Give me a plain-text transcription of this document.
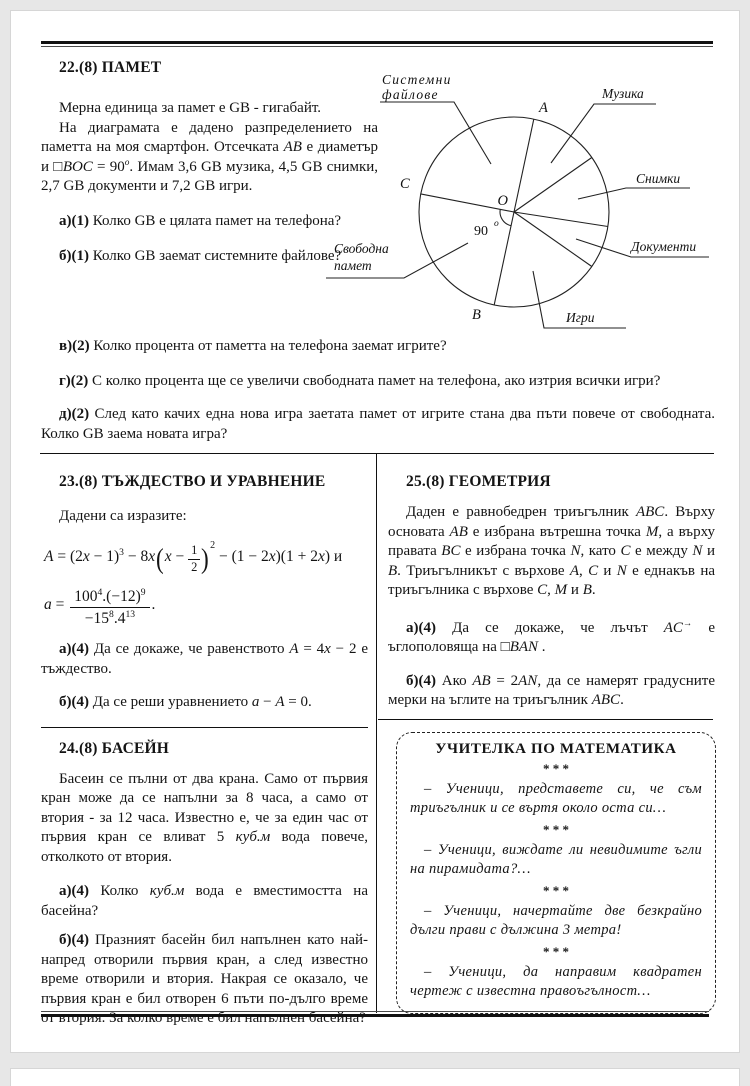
22.(8) ПАМЕТ

Мерна единица за памет е GB - гигабайт.

На диаграмата е дадено разпределението на паметта на моя смартфон. Отсечката AB е диаметър и □BOC = $90^o$. Имам 3,6 GB музика, 4,5 GB снимки, 2,7 GB документи и 7,2 GB игри.

а)(1) Колко GB е цялата памет на телефона?

б)(1) Колко GB заемат системните файлове?

Системни
файлове	Музика
Снимки
Документи
Свободна
памет
Игри
A
B
C
O
90 o

в)(2) Колко процента от паметта на телефона заемат игрите?

г)(2) С колко процента ще се увеличи свободната памет на телефона, ако изтрия всички игри?

д)(2) След като качих една нова игра заетата памет от игрите стана два пъти повече от свободната. Колко GB заема новата игра?

23.(8) ТЪЖДЕСТВО И УРАВНЕНИЕ

Дадени са изразите:

$A = (2x - 1)^3 - 8x(x - \frac{1}{2} )^2 - (1 - 2x)(1 + 2x)$ и
$a = \frac{100^4.(-12)^9}{-15^8.4^{13}}$ .

а)(4) Да се докаже, че равенството A = 4x − 2 е тъждество.

б)(4) Да се реши уравнението a − A = 0.

24.(8) БАСЕЙН

Басеин се пълни от два крана. Само от първия кран може да се напълни за 8 часа, а само от втория - за 12 часа. Известно е, че за един час от първия кран се вливат 5 куб.м вода повече, отколкото от втория.

а)(4) Колко куб.м вода е вместимостта на басейна?

б)(4) Празният басейн бил напълнен като най-напред отворили първия кран, а след известно време отворили и втория. Накрая се оказало, че първия кран е бил отворен 6 пъти по-дълго време от втория. За колко време е бил напълнен басейна?

25.(8) ГЕОМЕТРИЯ

Даден е равнобедрен триъгълник ABC. Върху основата AB е избрана вътрешна точка M, а върху правата BC е избрана точка N, като C е между N и B. Триъгълникът с върхове A, C и N е еднакъв на триъгълника с върхове C, M и B.

а)(4) Да се докаже, че лъчът AC→ е ъглополовяща на □BAN .

б)(4) Ако AB = 2AN, да се намерят градусните мерки на ъглите на триъгълник ABC.

УЧИТЕЛКА ПО МАТЕМАТИКА

* * *

– Ученици, представете си, че съм триъгълник и се въртя около оста си…

* * *

– Ученици, виждате ли невидимите ъгли на пирамидата?…

* * *

– Ученици, начертайте две безкрайно дълги прави с дължина 3 метра!

* * *

– Ученици, да направим квадратен чертеж с известна правоъгълност…
